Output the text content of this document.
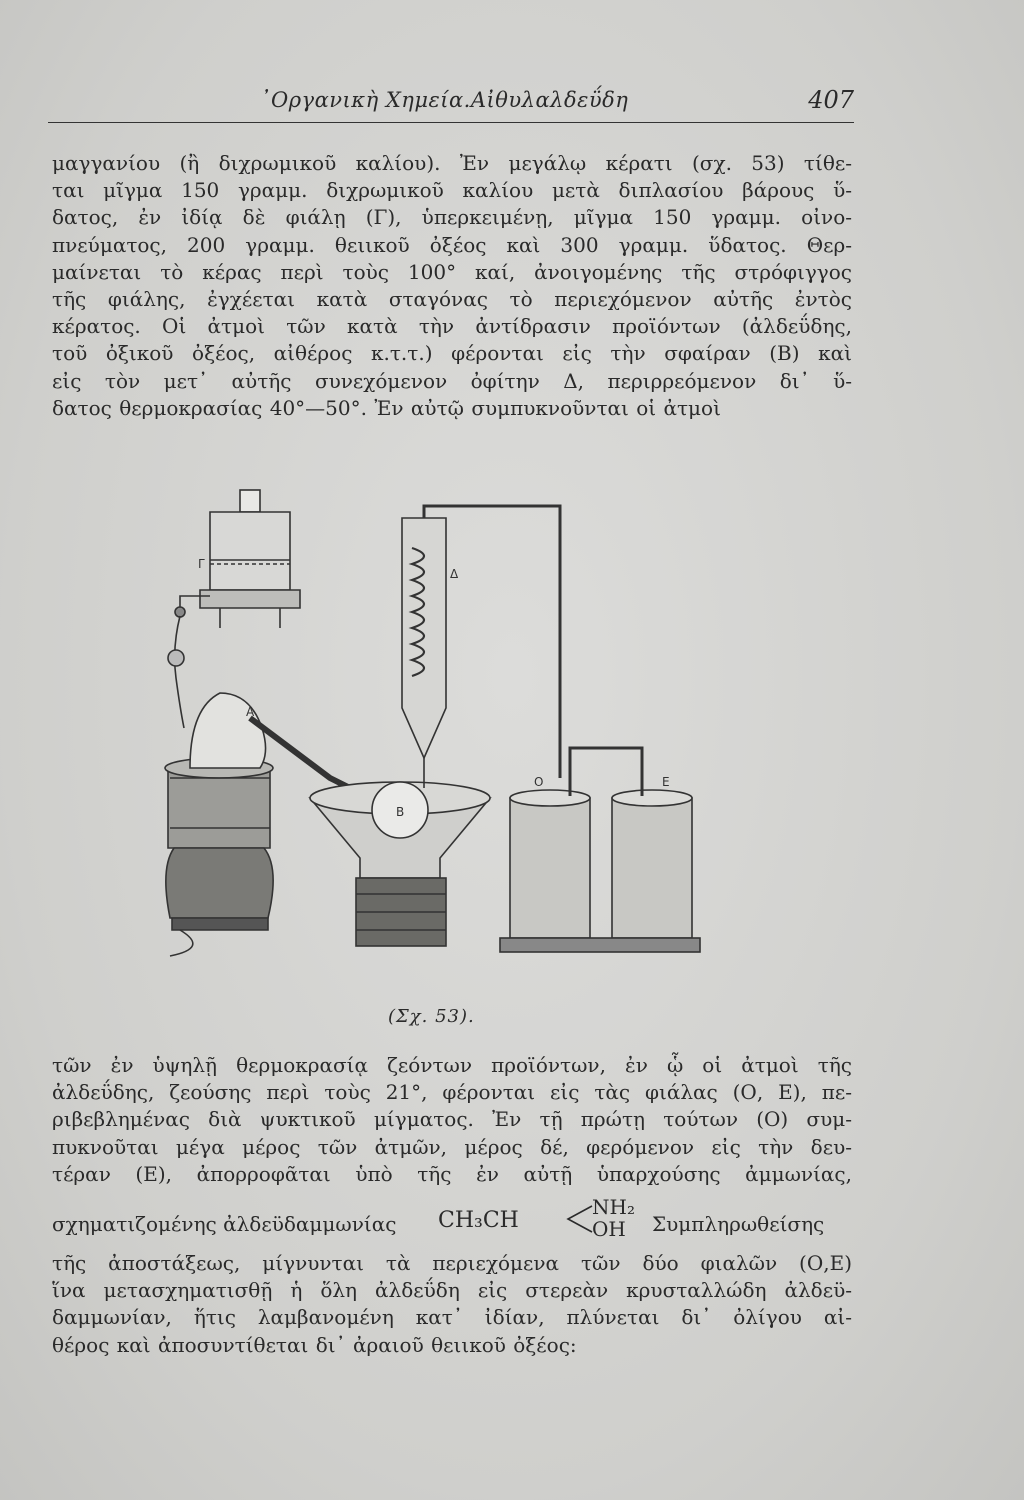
᾿Οργανικὴ Χημεία.Αἰθυλαλδεΰδη	407
μαγγανίου (ἢ διχρωμικοῦ καλίου). Ἐν μεγάλῳ κέρατι (σχ. 53) τίθε-
ται μῖγμα 150 γραμμ. διχρωμικοῦ καλίου μετὰ διπλασίου βάρους ὕ-
δατος, ἐν ἰδίᾳ δὲ φιάλῃ (Γ), ὑπερκειμένῃ, μῖγμα 150 γραμμ. οἰνο-
πνεύματος, 200 γραμμ. θειικοῦ ὀξέος καὶ 300 γραμμ. ὕδατος. Θερ-
μαίνεται τὸ κέρας περὶ τοὺς 100° καί, ἀνοιγομένης τῆς στρόφιγγος
τῆς φιάλης, ἐγχέεται κατὰ σταγόνας τὸ περιεχόμενον αὐτῆς ἐντὸς
κέρατος. Οἱ ἀτμοὶ τῶν κατὰ τὴν ἀντίδρασιν προϊόντων (ἀλδεΰδης,
τοῦ ὀξικοῦ ὀξέος, αἰθέρος κ.τ.τ.) φέρονται εἰς τὴν σφαίραν (Β) καὶ
εἰς τὸν μετ᾿ αὐτῆς συνεχόμενον ὀφίτην Δ, περιρρεόμενον δι᾿ ὕ-
δατος θερμοκρασίας 40°—50°. Ἐν αὐτῷ συμπυκνοῦνται οἱ ἀτμοὶ
Γ
Α
Β
Δ
Ο	Ε
(Σχ. 53).
τῶν ἐν ὑψηλῇ θερμοκρασίᾳ ζεόντων προϊόντων, ἐν ᾧ οἱ ἀτμοὶ τῆς
ἀλδεΰδης, ζεούσης περὶ τοὺς 21°, φέρονται εἰς τὰς φιάλας (Ο, Ε), πε-
ριβεβλημένας διὰ ψυκτικοῦ μίγματος. Ἐν τῇ πρώτῃ τούτων (Ο) συμ-
πυκνοῦται μέγα μέρος τῶν ἀτμῶν, μέρος δέ, φερόμενον εἰς τὴν δευ-
τέραν (Ε), ἀπορροφᾶται ὑπὸ τῆς ἐν αὐτῇ ὑπαρχούσης ἀμμωνίας,
σχηματιζομένης ἀλδεϋδαμμωνίας CH₃CH
NH₂
OH	Συμπληρωθείσης
τῆς ἀποστάξεως, μίγνυνται τὰ περιεχόμενα τῶν δύο φιαλῶν (Ο,Ε)
ἵνα μετασχηματισθῇ ἡ ὅλη ἀλδεΰδη εἰς στερεὰν κρυσταλλώδη ἀλδεϋ-
δαμμωνίαν, ἥτις λαμβανομένη κατ᾿ ἰδίαν, πλύνεται δι᾿ ὀλίγου αἰ-
θέρος καὶ ἀποσυντίθεται δι᾿ ἀραιοῦ θειικοῦ ὀξέος:
